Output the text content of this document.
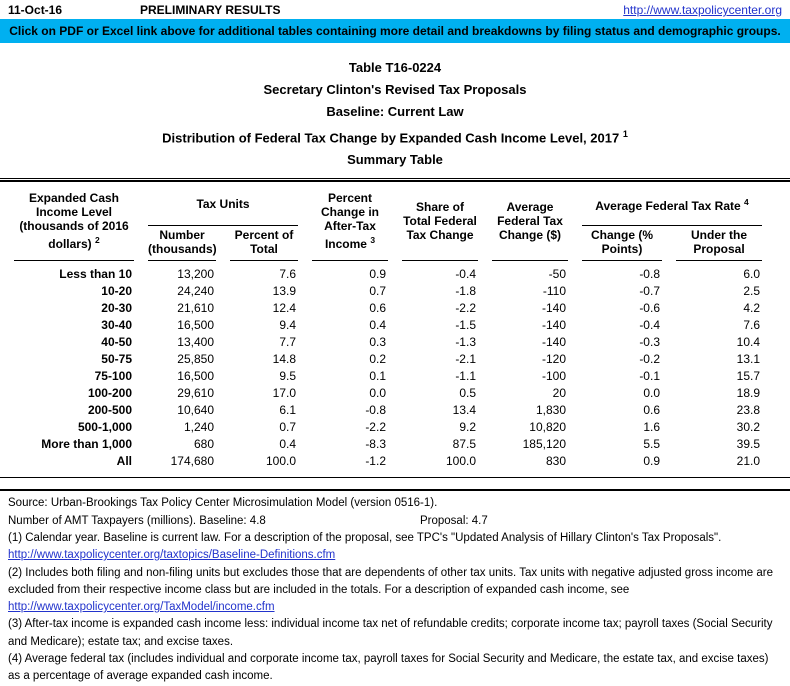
11-Oct-16	PRELIMINARY RESULTS	http://www.taxpolicycenter.org
Click on PDF or Excel link above for additional tables containing more detail and breakdowns by filing status and demographic groups.
Table T16-0224
Secretary Clinton's Revised Tax Proposals
Baseline: Current Law
Distribution of Federal Tax Change by Expanded Cash Income Level, 2017 $^1$
Summary Table
Expanded Cash Income Level (thousands of 2016 dollars) $^2$	Tax Units		Percent Change in After-Tax Income $^3$	Share of Total Federal Tax Change	Average Federal Tax Change ($)	Average Federal Tax Rate $^4$
	Number (thousands)	Percent of Total				Change (% Points)	Under the Proposal
Less than 10	13,200	7.6	0.9	-0.4	-50	-0.8	6.0
10-20	24,240	13.9	0.7	-1.8	-110	-0.7	2.5
20-30	21,610	12.4	0.6	-2.2	-140	-0.6	4.2
30-40	16,500	9.4	0.4	-1.5	-140	-0.4	7.6
40-50	13,400	7.7	0.3	-1.3	-140	-0.3	10.4
50-75	25,850	14.8	0.2	-2.1	-120	-0.2	13.1
75-100	16,500	9.5	0.1	-1.1	-100	-0.1	15.7
100-200	29,610	17.0	0.0	0.5	20	0.0	18.9
200-500	10,640	6.1	-0.8	13.4	1,830	0.6	23.8
500-1,000	1,240	0.7	-2.2	9.2	10,820	1.6	30.2
More than 1,000	680	0.4	-8.3	87.5	185,120	5.5	39.5
All	174,680	100.0	-1.2	100.0	830	0.9	21.0

Source: Urban-Brookings Tax Policy Center Microsimulation Model (version 0516-1).

Number of AMT Taxpayers (millions). Baseline: 4.8	Proposal: 4.7

(1) Calendar year. Baseline is current law. For a description of the proposal, see TPC's "Updated Analysis of Hillary Clinton's Tax Proposals".

http://www.taxpolicycenter.org/taxtopics/Baseline-Definitions.cfm

(2) Includes both filing and non-filing units but excludes those that are dependents of other tax units. Tax units with negative adjusted gross income are excluded from their respective income class but are included in the totals. For a description of expanded cash income, see

http://www.taxpolicycenter.org/TaxModel/income.cfm

(3) After-tax income is expanded cash income less: individual income tax net of refundable credits; corporate income tax; payroll taxes (Social Security and Medicare); estate tax; and excise taxes.

(4) Average federal tax (includes individual and corporate income tax, payroll taxes for Social Security and Medicare, the estate tax, and excise taxes) as a percentage of average expanded cash income.
